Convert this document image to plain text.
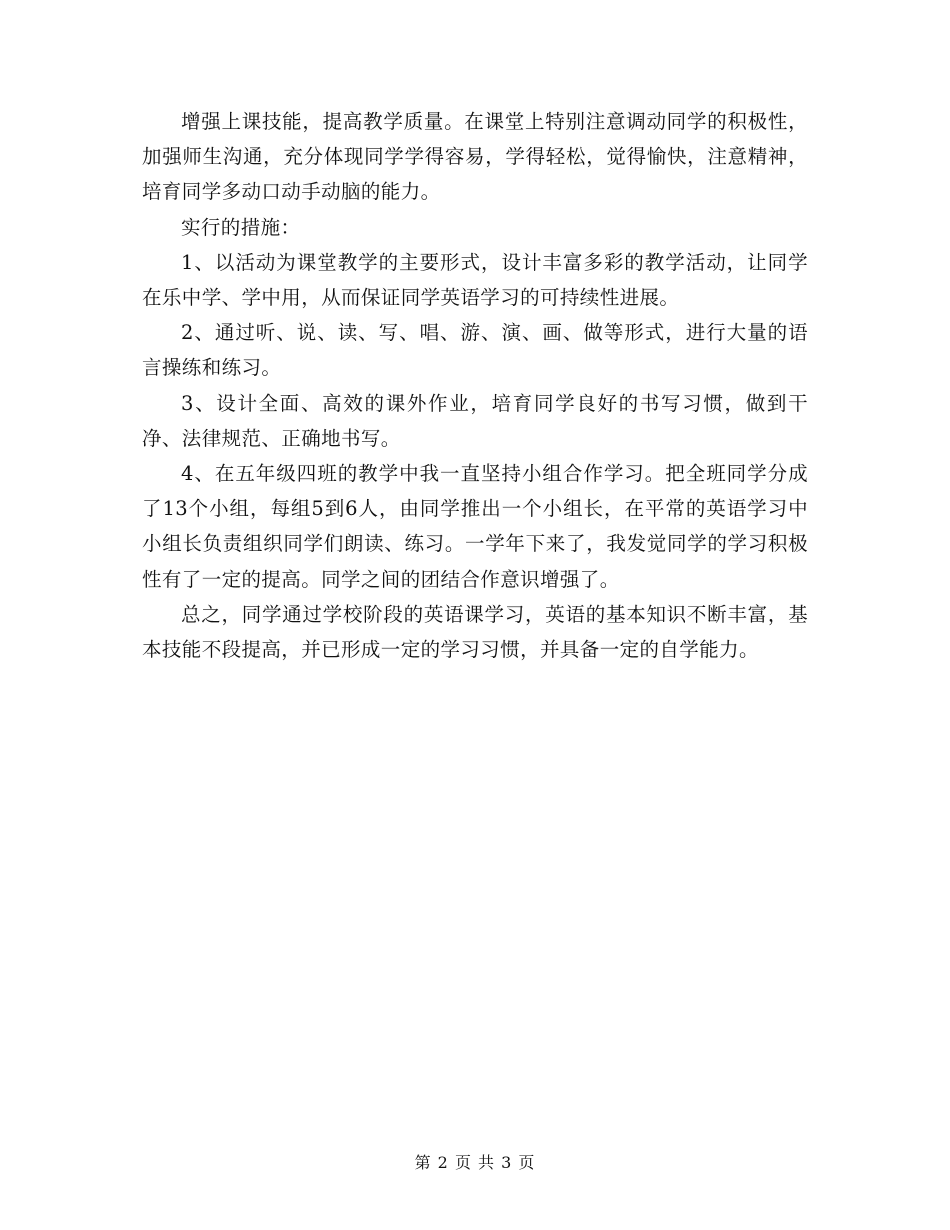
增强上课技能，提高教学质量。在课堂上特别注意调动同学的积极性，加强师生沟通，充分体现同学学得容易，学得轻松，觉得愉快，注意精神，培育同学多动口动手动脑的能力。

实行的措施：

1、以活动为课堂教学的主要形式，设计丰富多彩的教学活动，让同学在乐中学、学中用，从而保证同学英语学习的可持续性进展。

2、通过听、说、读、写、唱、游、演、画、做等形式，进行大量的语言操练和练习。

3、设计全面、高效的课外作业，培育同学良好的书写习惯，做到干净、法律规范、正确地书写。

4、在五年级四班的教学中我一直坚持小组合作学习。把全班同学分成了13个小组，每组5到6人，由同学推出一个小组长，在平常的英语学习中小组长负责组织同学们朗读、练习。一学年下来了，我发觉同学的学习积极性有了一定的提高。同学之间的团结合作意识增强了。

总之，同学通过学校阶段的英语课学习，英语的基本知识不断丰富，基本技能不段提高，并已形成一定的学习习惯，并具备一定的自学能力。

第 2 页 共 3 页
